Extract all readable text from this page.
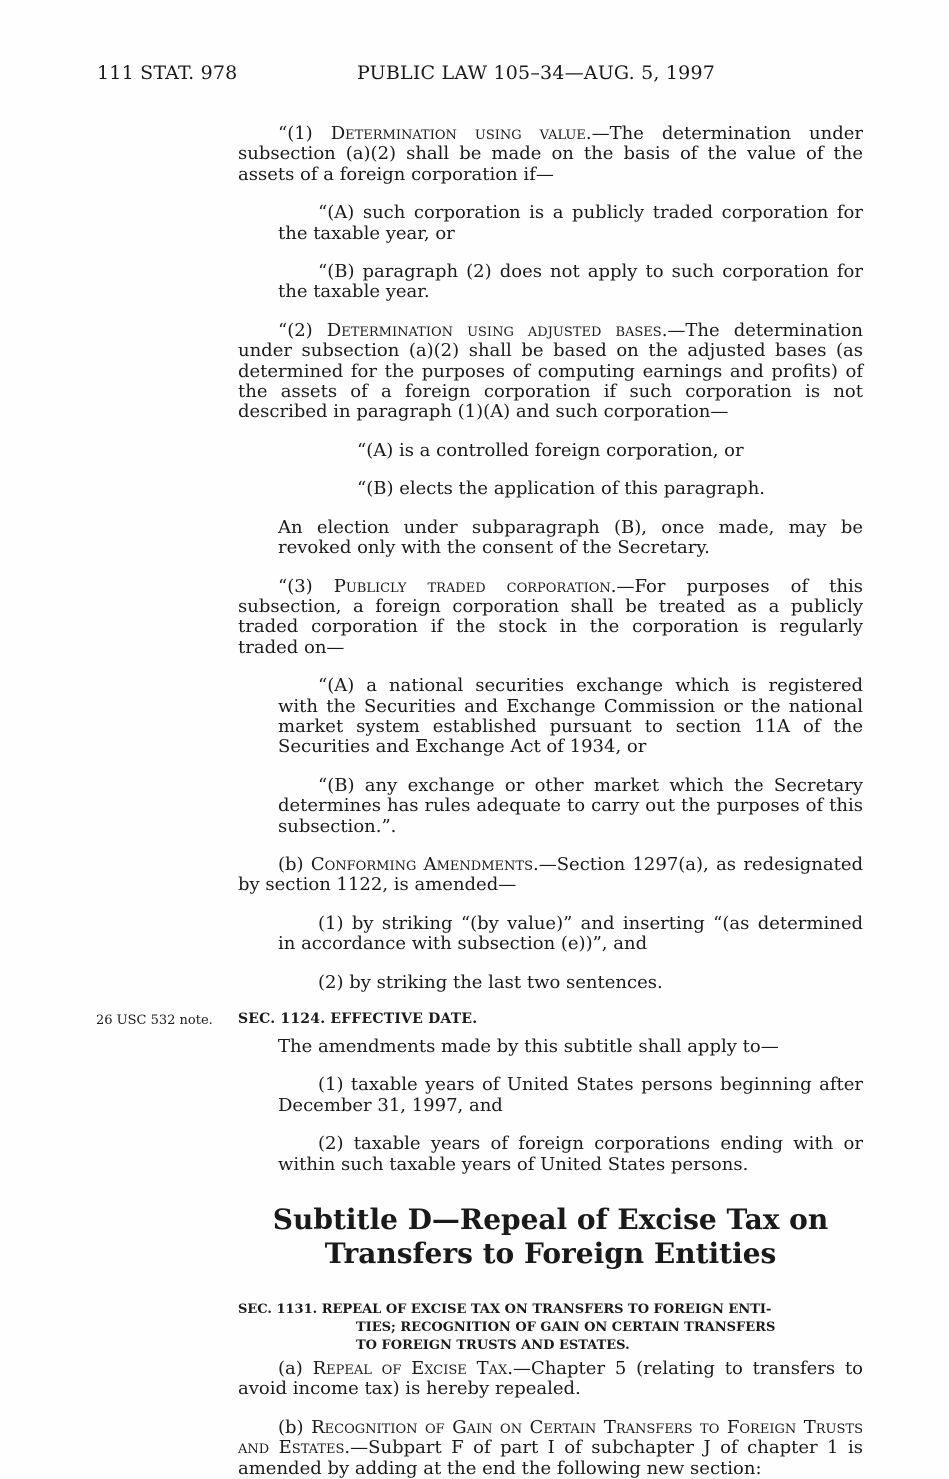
111 STAT. 978	PUBLIC LAW 105–34—AUG. 5, 1997

“(1) Determination using value.—The determination under subsection (a)(2) shall be made on the basis of the value of the assets of a foreign corporation if—

“(A) such corporation is a publicly traded corporation for the taxable year, or

“(B) paragraph (2) does not apply to such corporation for the taxable year.

“(2) Determination using adjusted bases.—The determination under subsection (a)(2) shall be based on the adjusted bases (as determined for the purposes of computing earnings and profits) of the assets of a foreign corporation if such corporation is not described in paragraph (1)(A) and such corporation—

“(A) is a controlled foreign corporation, or

“(B) elects the application of this paragraph.

An election under subparagraph (B), once made, may be revoked only with the consent of the Secretary.

“(3) Publicly traded corporation.—For purposes of this subsection, a foreign corporation shall be treated as a publicly traded corporation if the stock in the corporation is regularly traded on—

“(A) a national securities exchange which is registered with the Securities and Exchange Commission or the national market system established pursuant to section 11A of the Securities and Exchange Act of 1934, or

“(B) any exchange or other market which the Secretary determines has rules adequate to carry out the purposes of this subsection.”.

(b) Conforming Amendments.—Section 1297(a), as redesignated by section 1122, is amended—

(1) by striking “(by value)” and inserting “(as determined in accordance with subsection (e))”, and

(2) by striking the last two sentences.

26 USC 532 note. SEC. 1124. EFFECTIVE DATE.

The amendments made by this subtitle shall apply to—

(1) taxable years of United States persons beginning after December 31, 1997, and

(2) taxable years of foreign corporations ending with or within such taxable years of United States persons.

Subtitle D—Repeal of Excise Tax on
Transfers to Foreign Entities
SEC. 1131. REPEAL OF EXCISE TAX ON TRANSFERS TO FOREIGN ENTI-
TIES; RECOGNITION OF GAIN ON CERTAIN TRANSFERS
TO FOREIGN TRUSTS AND ESTATES.

(a) Repeal of Excise Tax.—Chapter 5 (relating to transfers to avoid income tax) is hereby repealed.

(b) Recognition of Gain on Certain Transfers to Foreign Trusts and Estates.—Subpart F of part I of subchapter J of chapter 1 is amended by adding at the end the following new section:
